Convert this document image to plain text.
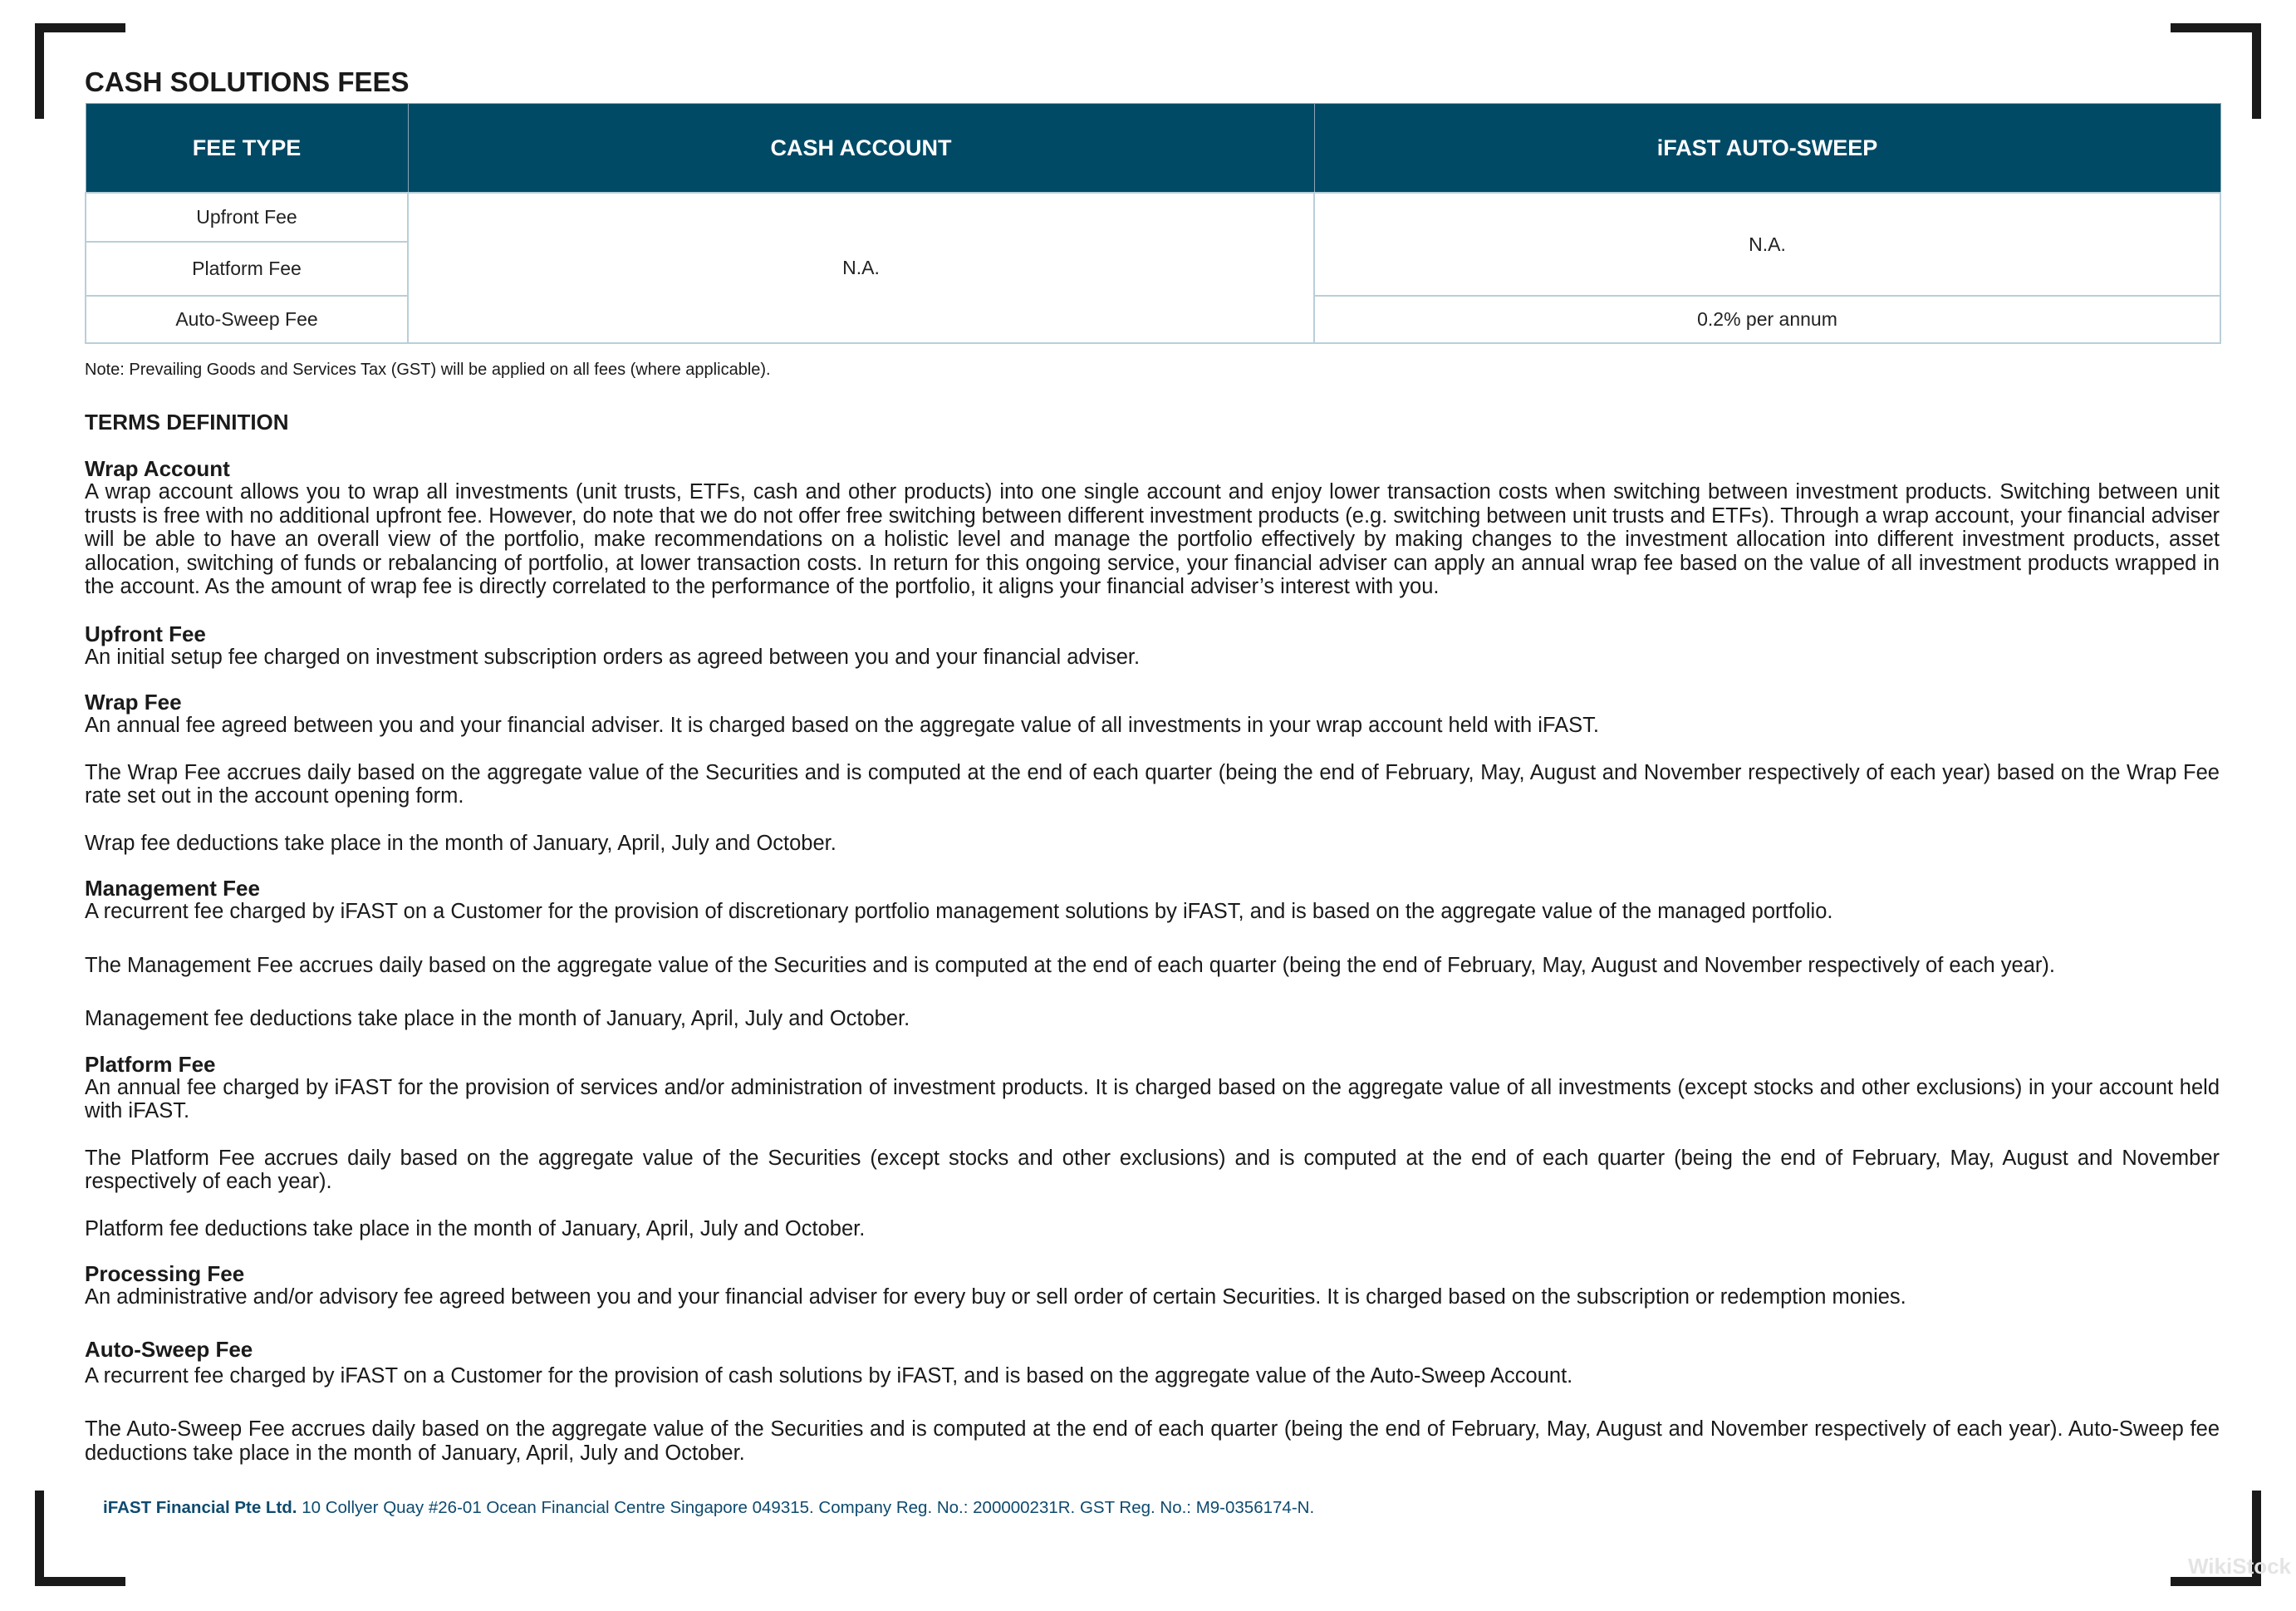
CASH SOLUTIONS FEES
FEE TYPE	CASH ACCOUNT	iFAST AUTO-SWEEP
Upfront Fee	N.A.	N.A.
Platform Fee		
Auto-Sweep Fee		0.2% per annum
Note: Prevailing Goods and Services Tax (GST) will be applied on all fees (where applicable).
TERMS DEFINITION
Wrap Account

A wrap account allows you to wrap all investments (unit trusts, ETFs, cash and other products) into one single account and enjoy lower transaction costs when switching between investment products. Switching between unit trusts is free with no additional upfront fee. However, do note that we do not offer free switching between different investment products (e.g. switching between unit trusts and ETFs). Through a wrap account, your financial adviser will be able to have an overall view of the portfolio, make recommendations on a holistic level and manage the portfolio effectively by making changes to the investment allocation into different investment products, asset allocation, switching of funds or rebalancing of portfolio, at lower transaction costs. In return for this ongoing service, your financial adviser can apply an annual wrap fee based on the value of all investment products wrapped in the account. As the amount of wrap fee is directly correlated to the performance of the portfolio, it aligns your financial adviser’s interest with you.

Upfront Fee

An initial setup fee charged on investment subscription orders as agreed between you and your financial adviser.

Wrap Fee

An annual fee agreed between you and your financial adviser. It is charged based on the aggregate value of all investments in your wrap account held with iFAST.

The Wrap Fee accrues daily based on the aggregate value of the Securities and is computed at the end of each quarter (being the end of February, May, August and November respectively of each year) based on the Wrap Fee rate set out in the account opening form.

Wrap fee deductions take place in the month of January, April, July and October.

Management Fee

A recurrent fee charged by iFAST on a Customer for the provision of discretionary portfolio management solutions by iFAST, and is based on the aggregate value of the managed portfolio.

The Management Fee accrues daily based on the aggregate value of the Securities and is computed at the end of each quarter (being the end of February, May, August and November respectively of each year).

Management fee deductions take place in the month of January, April, July and October.

Platform Fee

An annual fee charged by iFAST for the provision of services and/or administration of investment products. It is charged based on the aggregate value of all investments (except stocks and other exclusions) in your account held with iFAST.

The Platform Fee accrues daily based on the aggregate value of the Securities (except stocks and other exclusions) and is computed at the end of each quarter (being the end of February, May, August and November respectively of each year).

Platform fee deductions take place in the month of January, April, July and October.

Processing Fee

An administrative and/or advisory fee agreed between you and your financial adviser for every buy or sell order of certain Securities. It is charged based on the subscription or redemption monies.

Auto-Sweep Fee

A recurrent fee charged by iFAST on a Customer for the provision of cash solutions by iFAST, and is based on the aggregate value of the Auto-Sweep Account.

The Auto-Sweep Fee accrues daily based on the aggregate value of the Securities and is computed at the end of each quarter (being the end of February, May, August and November respectively of each year). Auto-Sweep fee deductions take place in the month of January, April, July and October.

iFAST Financial Pte Ltd. 10 Collyer Quay #26-01 Ocean Financial Centre Singapore 049315. Company Reg. No.: 200000231R. GST Reg. No.: M9-0356174-N.
WikiStock
